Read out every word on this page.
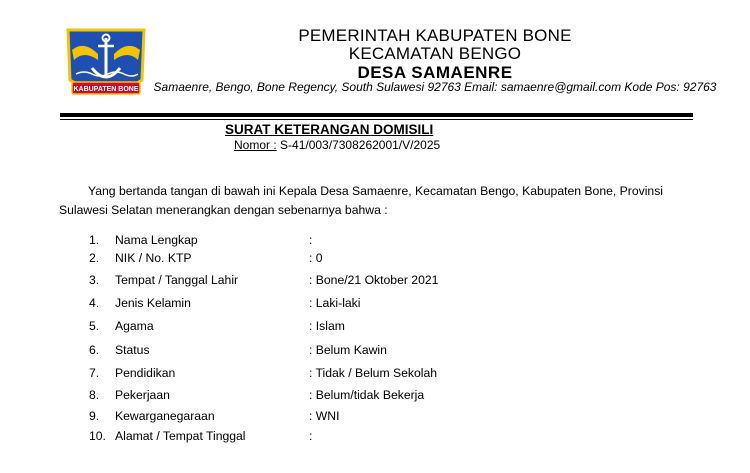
KABUPATEN BONE
PEMERINTAH KABUPATEN BONE
KECAMATAN BENGO
DESA SAMAENRE
Samaenre, Bengo, Bone Regency, South Sulawesi 92763 Email: samaenre@gmail.com Kode Pos: 92763
SURAT KETERANGAN DOMISILI
Nomor : S-41/003/7308262001/V/2025
Yang bertanda tangan di bawah ini Kepala Desa Samaenre, Kecamatan Bengo, Kabupaten Bone, Provinsi Sulawesi Selatan menerangkan dengan sebenarnya bahwa :
1. Nama Lengkap	:
2. NIK / No. KTP	: 0
3. Tempat / Tanggal Lahir	: Bone/21 Oktober 2021
4. Jenis Kelamin	: Laki-laki
5. Agama	: Islam
6. Status	: Belum Kawin
7. Pendidikan	: Tidak / Belum Sekolah
8. Pekerjaan	: Belum/tidak Bekerja
9. Kewarganegaraan	: WNI
10. Alamat / Tempat Tinggal	:
